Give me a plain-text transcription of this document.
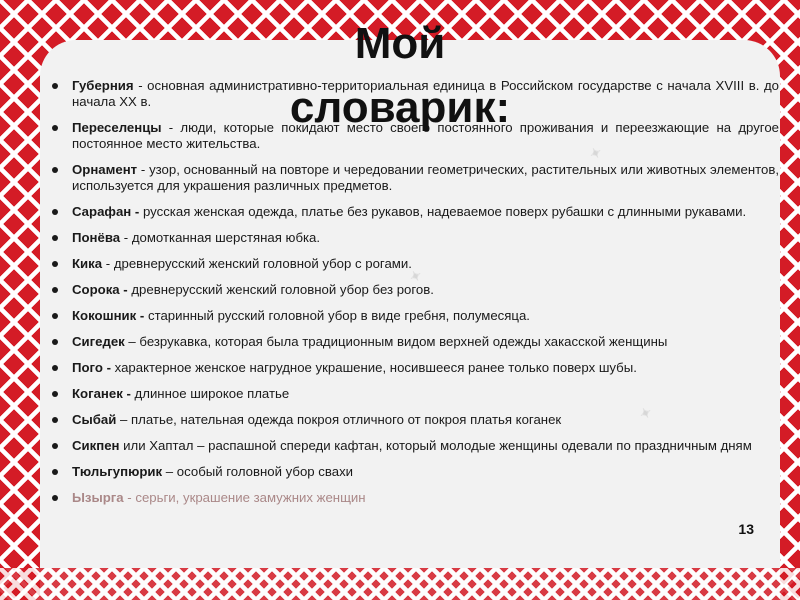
Мой
словарик:
Губерния - основная административно-территориальная единица в Российском государстве с начала XVIII в. до начала XX в.
Переселенцы - люди, которые покидают место своего постоянного проживания и переезжающие на другое постоянное место жительства.
Орнамент - узор, основанный на повторе и чередовании геометрических, растительных или животных элементов, используется для украшения различных предметов.
Сарафан - русская женская одежда, платье без рукавов, надеваемое поверх рубашки с длинными рукавами.
Понёва - домотканная шерстяная юбка.
Кика - древнерусский женский головной убор с рогами.
Сорока - древнерусский женский головной убор без рогов.
Кокошник - старинный русский головной убор в виде гребня, полумесяца.
Сигедек – безрукавка, которая была традиционным видом верхней одежды хакасской женщины
Пого - характерное женское нагрудное украшение, носившееся ранее только поверх шубы.
Коганек - длинное широкое платье
Сыбай – платье, нательная одежда покроя отличного от покроя платья коганек
Сикпен или Хаптал – распашной спереди кафтан, который молодые женщины одевали по праздничным дням
Тюльгупюрик – особый головной убор свахи
Ызырга - серьги, украшение замужних женщин
13
✦
✦
✦
